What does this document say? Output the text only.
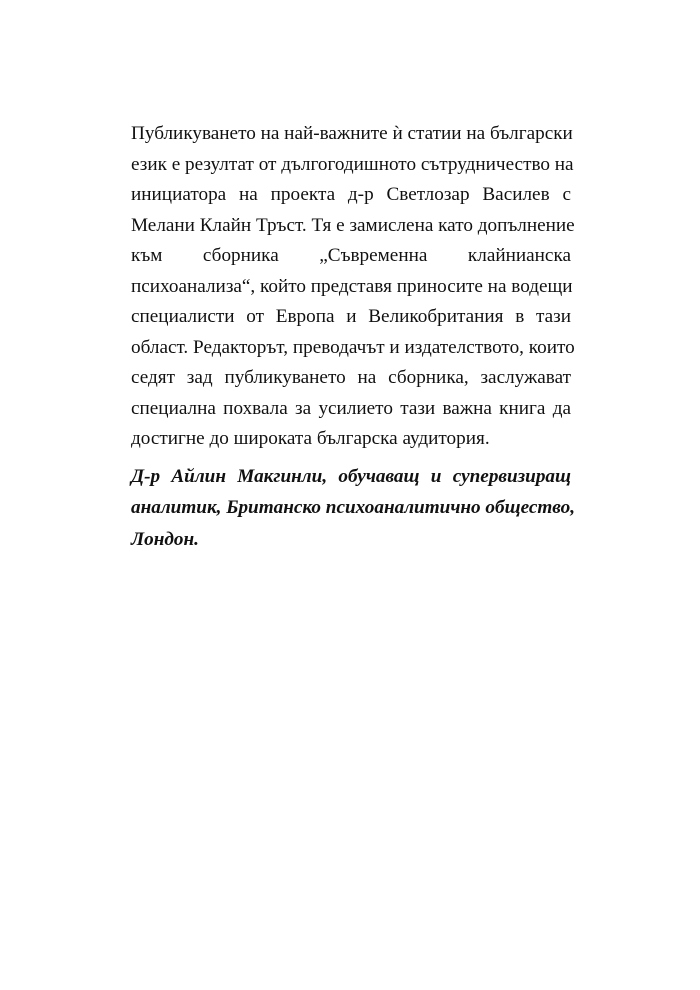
Публикуването на най-важните ѝ статии на български
език е резултат от дългогодишното сътрудничество на
инициатора на проекта д-р Светлозар Василев с
Мелани Клайн Тръст. Тя е замислена като допълнение
към сборника „Съвременна клайнианска
психоанализа“, който представя приносите на водещи
специалисти от Европа и Великобритания в тази
област. Редакторът, преводачът и издателството, които
седят зад публикуването на сборника, заслужават
специална похвала за усилието тази важна книга да
достигне до широката българска аудитория.
Д-р Айлин Макгинли, обучаващ и супервизиращ
аналитик, Британско психоаналитично общество,
Лондон.
